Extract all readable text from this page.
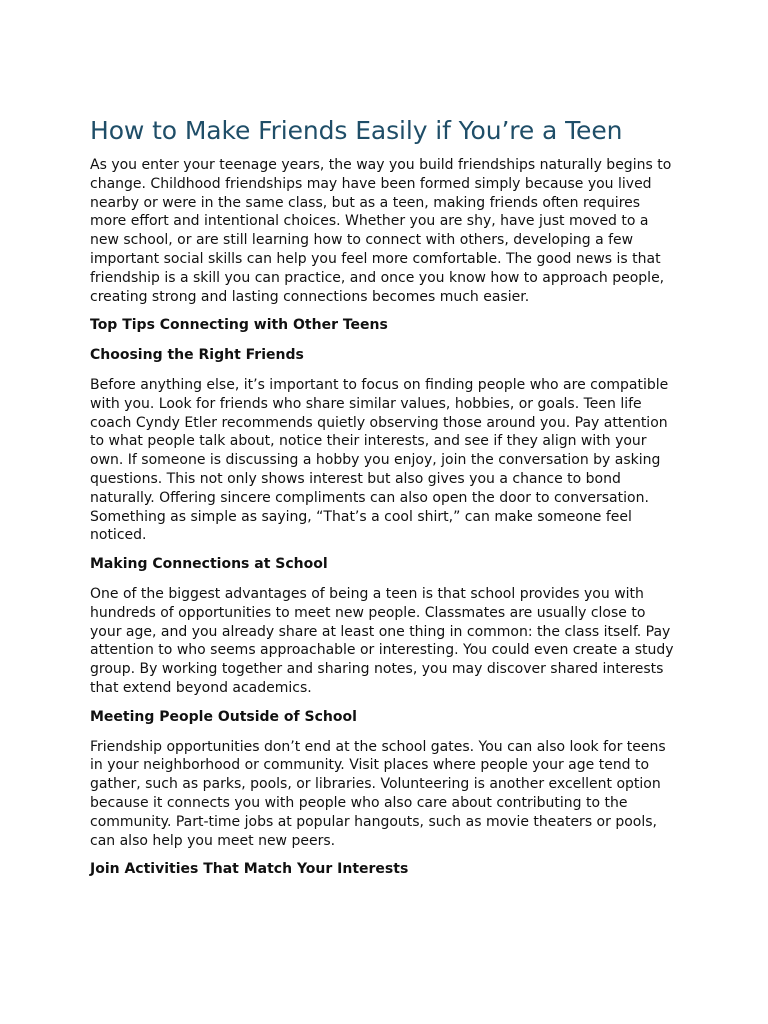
How to Make Friends Easily if You’re a Teen

As you enter your teenage years, the way you build friendships naturally begins to change. Childhood friendships may have been formed simply because you lived nearby or were in the same class, but as a teen, making friends often requires more effort and intentional choices. Whether you are shy, have just moved to a new school, or are still learning how to connect with others, developing a few important social skills can help you feel more comfortable. The good news is that friendship is a skill you can practice, and once you know how to approach people, creating strong and lasting connections becomes much easier.

Top Tips Connecting with Other Teens

Choosing the Right Friends

Before anything else, it’s important to focus on finding people who are compatible with you. Look for friends who share similar values, hobbies, or goals. Teen life coach Cyndy Etler recommends quietly observing those around you. Pay attention to what people talk about, notice their interests, and see if they align with your own. If someone is discussing a hobby you enjoy, join the conversation by asking questions. This not only shows interest but also gives you a chance to bond naturally. Offering sincere compliments can also open the door to conversation. Something as simple as saying, “That’s a cool shirt,” can make someone feel noticed.

Making Connections at School

One of the biggest advantages of being a teen is that school provides you with hundreds of opportunities to meet new people. Classmates are usually close to your age, and you already share at least one thing in common: the class itself. Pay attention to who seems approachable or interesting. You could even create a study group. By working together and sharing notes, you may discover shared interests that extend beyond academics.

Meeting People Outside of School

Friendship opportunities don’t end at the school gates. You can also look for teens in your neighborhood or community. Visit places where people your age tend to gather, such as parks, pools, or libraries. Volunteering is another excellent option because it connects you with people who also care about contributing to the community. Part-time jobs at popular hangouts, such as movie theaters or pools, can also help you meet new peers.

Join Activities That Match Your Interests
